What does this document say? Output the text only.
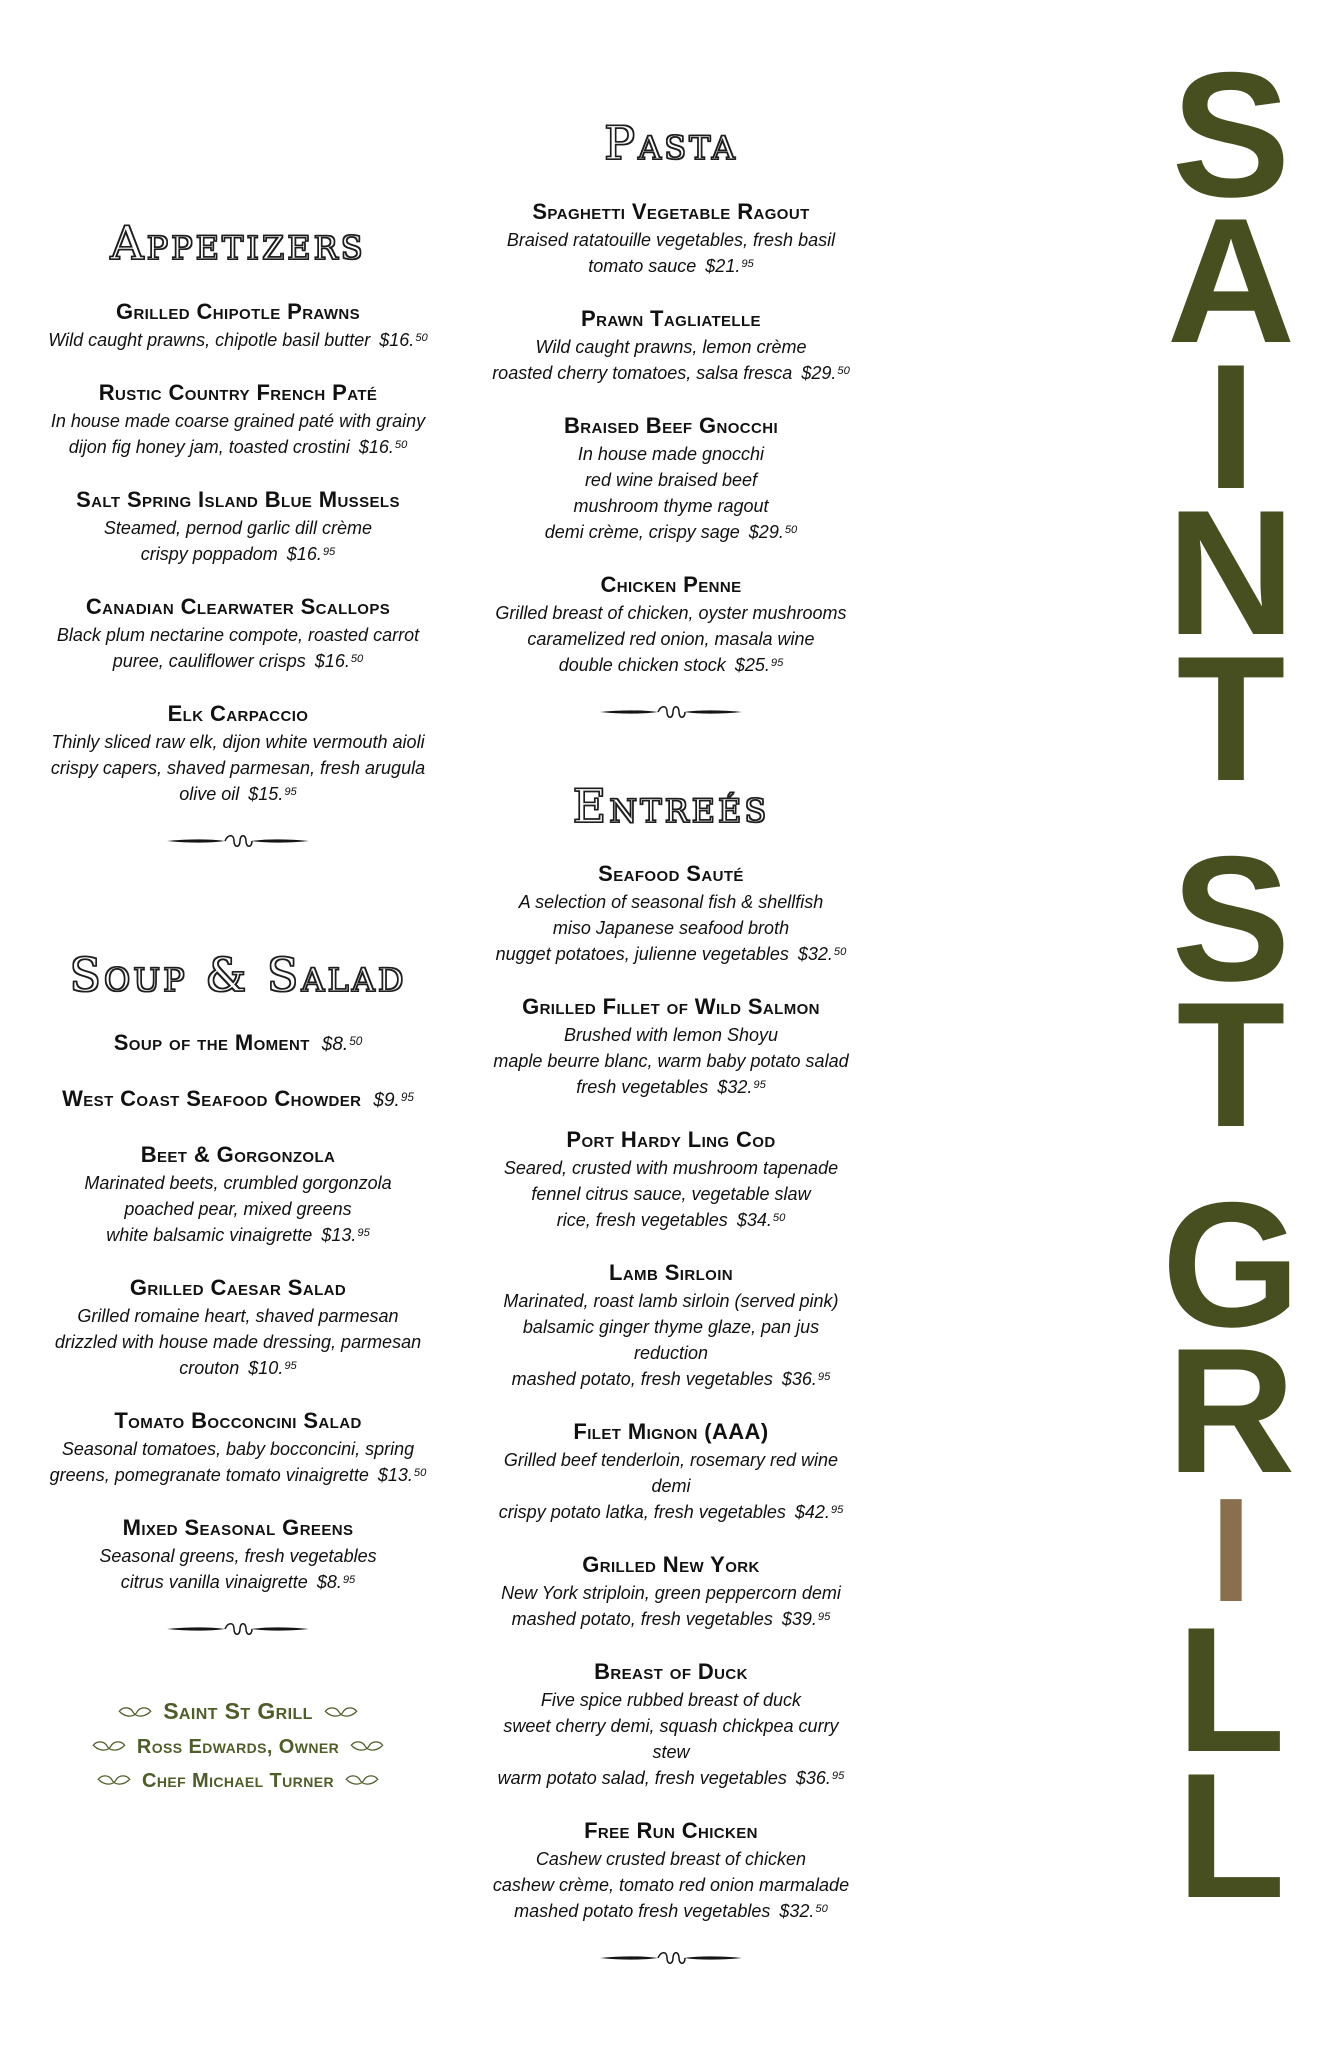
Appetizers
Grilled Chipotle Prawns
Wild caught prawns, chipotle basil butter $16.50
Rustic Country French Paté
In house made coarse grained paté with grainy
dijon fig honey jam, toasted crostini $16.50
Salt Spring Island Blue Mussels
Steamed, pernod garlic dill crème
crispy poppadom $16.95
Canadian Clearwater Scallops
Black plum nectarine compote, roasted carrot
puree, cauliflower crisps $16.50
Elk Carpaccio
Thinly sliced raw elk, dijon white vermouth aioli
crispy capers, shaved parmesan, fresh arugula
olive oil $15.95
Soup & Salad
Soup of the Moment $8.50
West Coast Seafood Chowder $9.95
Beet & Gorgonzola
Marinated beets, crumbled gorgonzola
poached pear, mixed greens
white balsamic vinaigrette $13.95
Grilled Caesar Salad
Grilled romaine heart, shaved parmesan
drizzled with house made dressing, parmesan
crouton $10.95
Tomato Bocconcini Salad
Seasonal tomatoes, baby bocconcini, spring
greens, pomegranate tomato vinaigrette $13.50
Mixed Seasonal Greens
Seasonal greens, fresh vegetables
citrus vanilla vinaigrette $8.95
Saint St Grill
Ross Edwards, Owner
Chef Michael Turner
Pasta
Spaghetti Vegetable Ragout
Braised ratatouille vegetables, fresh basil
tomato sauce $21.95
Prawn Tagliatelle
Wild caught prawns, lemon crème
roasted cherry tomatoes, salsa fresca $29.50
Braised Beef Gnocchi
In house made gnocchi
red wine braised beef
mushroom thyme ragout
demi crème, crispy sage $29.50
Chicken Penne
Grilled breast of chicken, oyster mushrooms
caramelized red onion, masala wine
double chicken stock $25.95
Entreés
Seafood Sauté
A selection of seasonal fish & shellfish
miso Japanese seafood broth
nugget potatoes, julienne vegetables $32.50
Grilled Fillet of Wild Salmon
Brushed with lemon Shoyu
maple beurre blanc, warm baby potato salad
fresh vegetables $32.95
Port Hardy Ling Cod
Seared, crusted with mushroom tapenade
fennel citrus sauce, vegetable slaw
rice, fresh vegetables $34.50
Lamb Sirloin
Marinated, roast lamb sirloin (served pink)
balsamic ginger thyme glaze, pan jus reduction
mashed potato, fresh vegetables $36.95
Filet Mignon (AAA)
Grilled beef tenderloin, rosemary red wine demi
crispy potato latka, fresh vegetables $42.95
Grilled New York
New York striploin, green peppercorn demi
mashed potato, fresh vegetables $39.95
Breast of Duck
Five spice rubbed breast of duck
sweet cherry demi, squash chickpea curry stew
warm potato salad, fresh vegetables $36.95
Free Run Chicken
Cashew crusted breast of chicken
cashew crème, tomato red onion marmalade
mashed potato fresh vegetables $32.50
S
A
I
N
T
S
T
G
R
I
L
L
